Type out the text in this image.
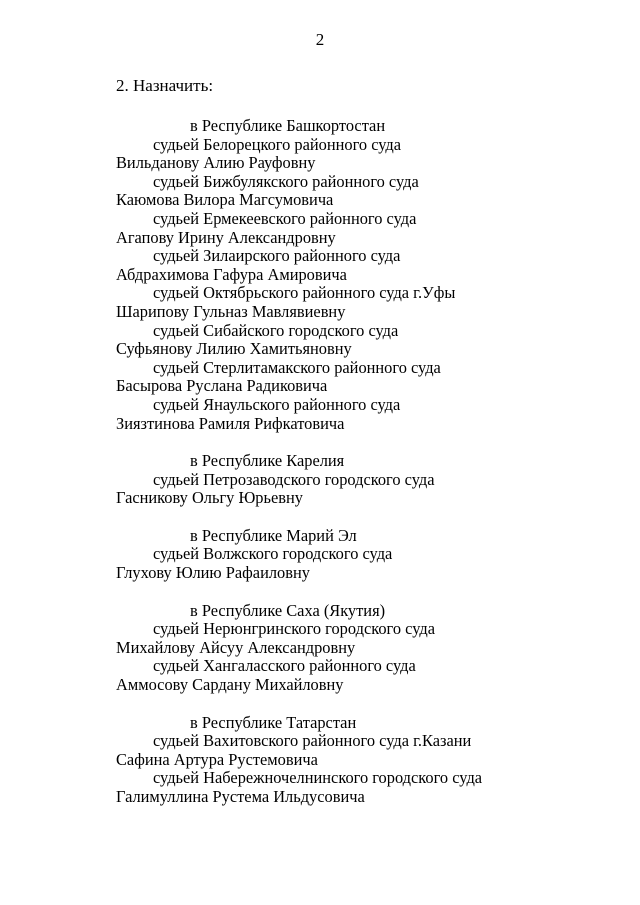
2
2. Назначить:
в Республике Башкортостан
судьей Белорецкого районного суда
Вильданову Алию Рауфовну
судьей Бижбулякского районного суда
Каюмова Вилора Магсумовича
судьей Ермекеевского районного суда
Агапову Ирину Александровну
судьей Зилаирского районного суда
Абдрахимова Гафура Амировича
судьей Октябрьского районного суда г.Уфы
Шарипову Гульназ Мавлявиевну
судьей Сибайского городского суда
Суфьянову Лилию Хамитьяновну
судьей Стерлитамакского районного суда
Басырова Руслана Радиковича
судьей Янаульского районного суда
Зиязтинова Рамиля Рифкатовича
в Республике Карелия
судьей Петрозаводского городского суда
Гасникову Ольгу Юрьевну
в Республике Марий Эл
судьей Волжского городского суда
Глухову Юлию Рафаиловну
в Республике Саха (Якутия)
судьей Нерюнгринского городского суда
Михайлову Айсуу Александровну
судьей Хангаласского районного суда
Аммосову Сардану Михайловну
в Республике Татарстан
судьей Вахитовского районного суда г.Казани
Сафина Артура Рустемовича
судьей Набережночелнинского городского суда
Галимуллина Рустема Ильдусовича
